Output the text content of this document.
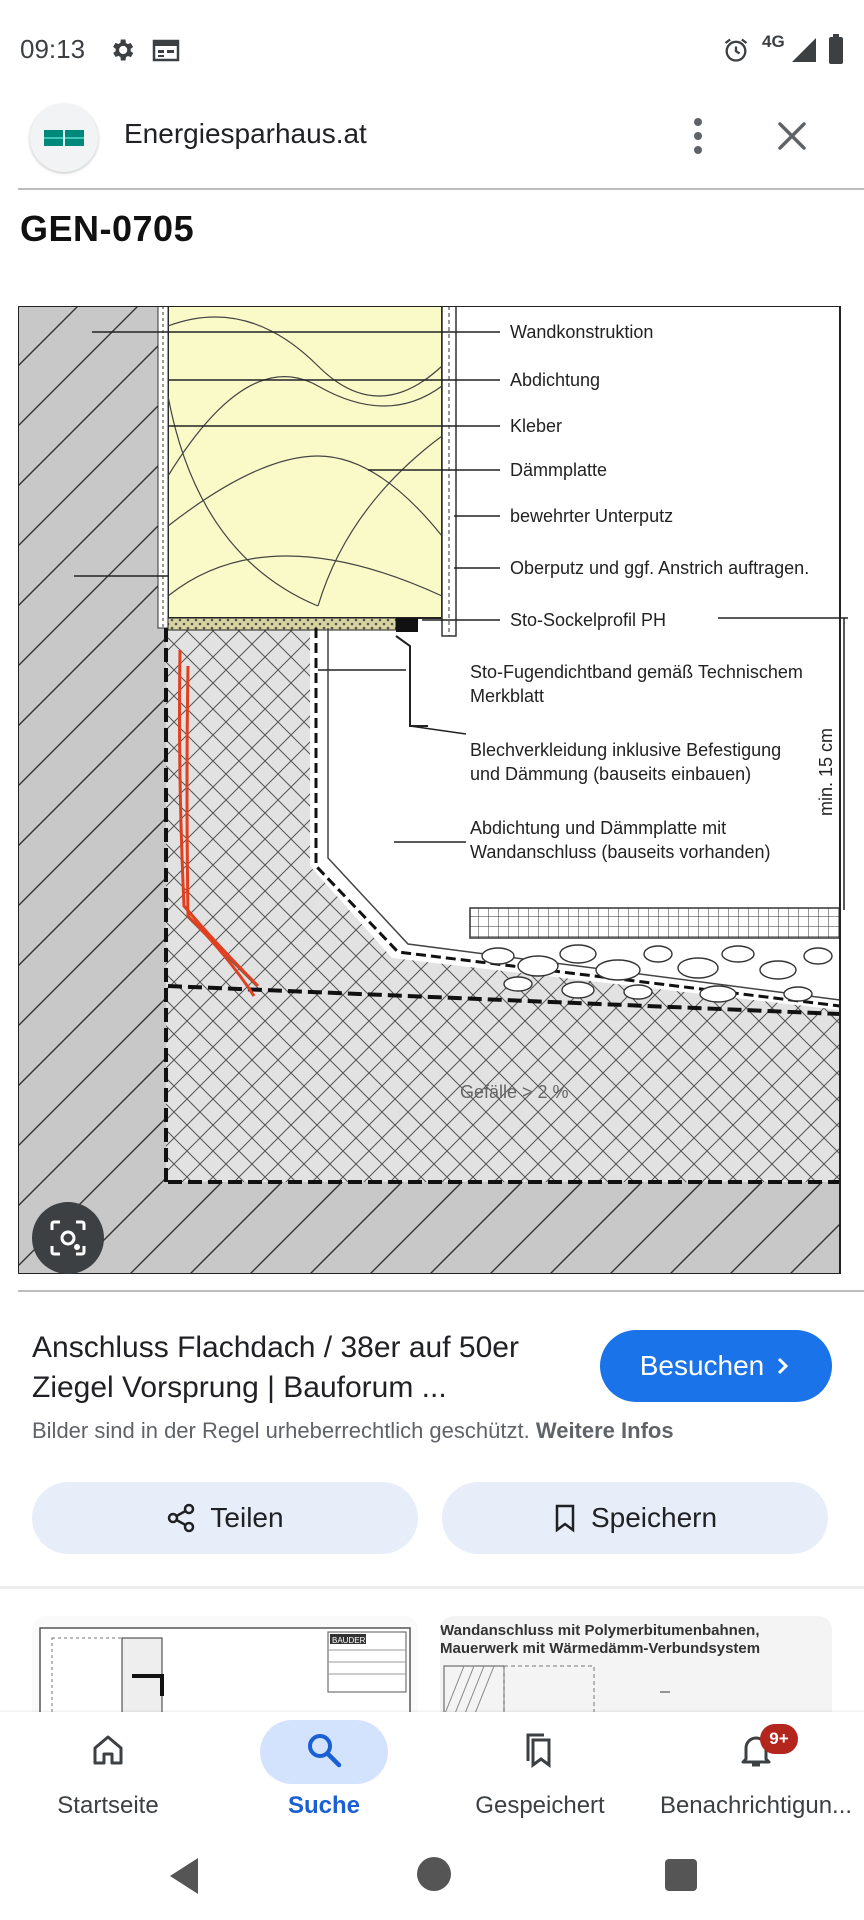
09:13	4G
Energiesparhaus.at
GEN-0705
Wandkonstruktion
Abdichtung
Kleber
Dämmplatte
bewehrter Unterputz
Oberputz und ggf. Anstrich auftragen.
Sto-Sockelprofil PH
Sto-Fugendichtband gemäß Technischem
Merkblatt
Blechverkleidung inklusive Befestigung
und Dämmung (bauseits einbauen)
Abdichtung und Dämmplatte mit
Wandanschluss (bauseits vorhanden)
Gefälle > 2 %
min. 15 cm
Anschluss Flachdach / 38er auf 50er Ziegel Vorsprung | Bauforum ...
Besuchen
Bilder sind in der Regel urheberrechtlich geschützt. Weitere Infos
Teilen	Speichern
BAUDER
Wandanschluss mit Polymerbitumenbahnen,
Mauerwerk mit Wärmedämm-Verbundsystem
Startseite	Suche	Gespeichert	Benachrichtigun...
9+
